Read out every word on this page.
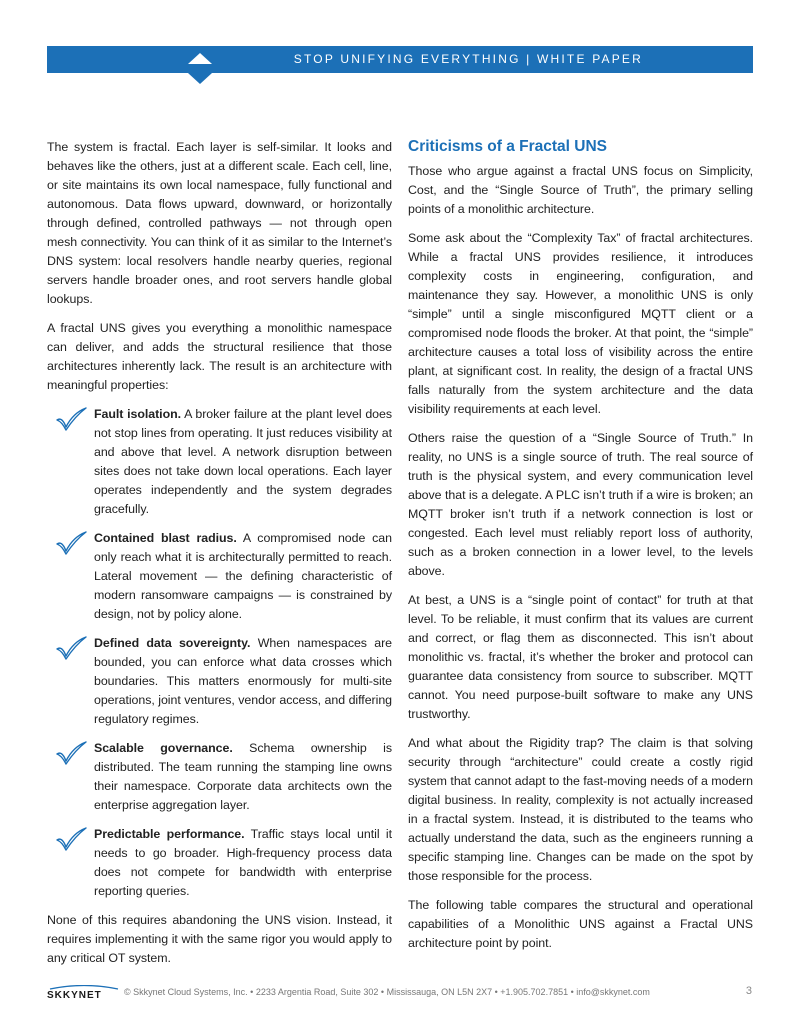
STOP UNIFYING EVERYTHING | WHITE PAPER

The system is fractal. Each layer is self-similar. It looks and behaves like the others, just at a different scale. Each cell, line, or site maintains its own local namespace, fully functional and autonomous. Data flows upward, downward, or horizontally through defined, controlled pathways — not through open mesh connectivity. You can think of it as similar to the Internet’s DNS system: local resolvers handle nearby queries, regional servers handle broader ones, and root servers handle global lookups.

A fractal UNS gives you everything a monolithic namespace can deliver, and adds the structural resilience that those architectures inherently lack. The result is an architecture with meaningful properties:

Fault isolation. A broker failure at the plant level does not stop lines from operating. It just reduces visibility at and above that level. A network disruption between sites does not take down local operations. Each layer operates independently and the system degrades gracefully.

Contained blast radius. A compromised node can only reach what it is architecturally permitted to reach. Lateral movement — the defining characteristic of modern ransomware campaigns — is constrained by design, not by policy alone.

Defined data sovereignty. When namespaces are bounded, you can enforce what data crosses which boundaries. This matters enormously for multi-site operations, joint ventures, vendor access, and differing regulatory regimes.

Scalable governance. Schema ownership is distributed. The team running the stamping line owns their namespace. Corporate data architects own the enterprise aggregation layer.

Predictable performance. Traffic stays local until it needs to go broader. High-frequency process data does not compete for bandwidth with enterprise reporting queries.

None of this requires abandoning the UNS vision. Instead, it requires implementing it with the same rigor you would apply to any critical OT system.

Criticisms of a Fractal UNS

Those who argue against a fractal UNS focus on Simplicity, Cost, and the “Single Source of Truth”, the primary selling points of a monolithic architecture.

Some ask about the “Complexity Tax” of fractal architectures. While a fractal UNS provides resilience, it introduces complexity costs in engineering, configuration, and maintenance they say. However, a monolithic UNS is only “simple” until a single misconfigured MQTT client or a compromised node floods the broker. At that point, the “simple” architecture causes a total loss of visibility across the entire plant, at significant cost. In reality, the design of a fractal UNS falls naturally from the system architecture and the data visibility requirements at each level.

Others raise the question of a “Single Source of Truth.” In reality, no UNS is a single source of truth. The real source of truth is the physical system, and every communication level above that is a delegate. A PLC isn’t truth if a wire is broken; an MQTT broker isn’t truth if a network connection is lost or congested. Each level must reliably report loss of authority, such as a broken connection in a lower level, to the levels above.

At best, a UNS is a “single point of contact” for truth at that level. To be reliable, it must confirm that its values are current and correct, or flag them as disconnected. This isn’t about monolithic vs. fractal, it’s whether the broker and protocol can guarantee data consistency from source to subscriber. MQTT cannot. You need purpose-built software to make any UNS trustworthy.

And what about the Rigidity trap? The claim is that solving security through “architecture” could create a costly rigid system that cannot adapt to the fast-moving needs of a modern digital business. In reality, complexity is not actually increased in a fractal system. Instead, it is distributed to the teams who actually understand the data, such as the engineers running a specific stamping line. Changes can be made on the spot by those responsible for the process.

The following table compares the structural and operational capabilities of a Monolithic UNS against a Fractal UNS architecture point by point.

SKKYNET © Skkynet Cloud Systems, Inc. • 2233 Argentia Road, Suite 302 • Mississauga, ON L5N 2X7 • +1.905.702.7851 • info@skkynet.com	3
